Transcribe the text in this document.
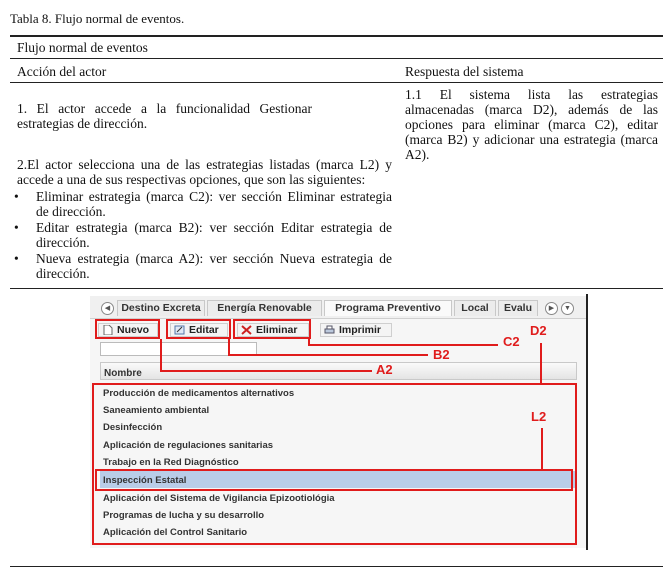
Tabla 8. Flujo normal de eventos.
Flujo normal de eventos
Acción del actor	Respuesta del sistema
1. El actor accede a la funcionalidad Gestionar estrategias de dirección.
2.El actor selecciona una de las estrategias listadas (marca L2) y accede a una de sus respectivas opciones, que son las siguientes:
• Eliminar estrategia (marca C2): ver sección Eliminar estrategia de dirección.
• Editar estrategia (marca B2): ver sección Editar estrategia de dirección.
• Nueva estrategia (marca A2): ver sección Nueva estrategia de dirección.
1.1 El sistema lista las estrategias almacenadas (marca D2), además de las opciones para eliminar (marca C2), editar (marca B2) y adicionar una estrategia (marca A2).
◀	Destino Excreta	Energía Renovable	Programa Preventivo	Local	Evalu	▶	▼
Nuevo	Editar	Eliminar	Imprimir
Nombre
Producción de medicamentos alternativos
Saneamiento ambiental
Desinfección
Aplicación de regulaciones sanitarias
Trabajo en la Red Diagnóstico
Inspección Estatal
Aplicación del Sistema de Vigilancia Epizootiológia
Programas de lucha y su desarrollo
Aplicación del Control Sanitario
A2
B2
C2
D2
L2
